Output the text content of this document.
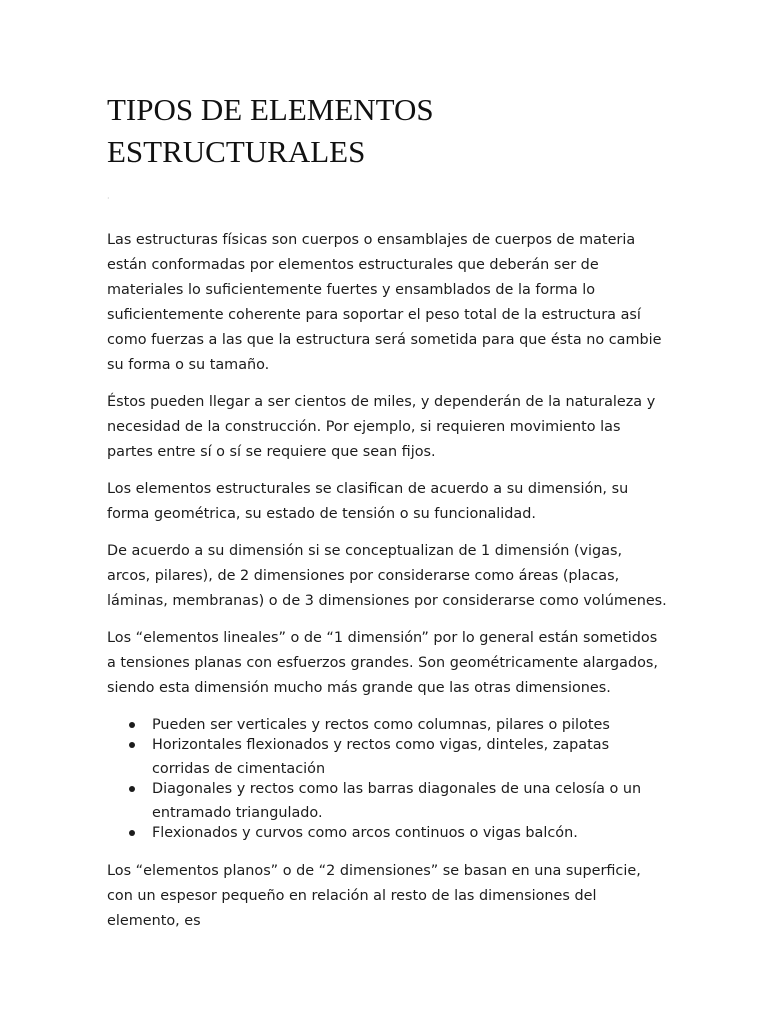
TIPOS DE ELEMENTOS
ESTRUCTURALES
·

Las estructuras físicas son cuerpos o ensamblajes de cuerpos de materia están conformadas por elementos estructurales que deberán ser de materiales lo suficientemente fuertes y ensamblados de la forma lo suficientemente coherente para soportar el peso total de la estructura así como fuerzas a las que la estructura será sometida para que ésta no cambie su forma o su tamaño.

Éstos pueden llegar a ser cientos de miles, y dependerán de la naturaleza y necesidad de la construcción. Por ejemplo, si requieren movimiento las partes entre sí o sí se requiere que sean fijos.

Los elementos estructurales se clasifican de acuerdo a su dimensión, su forma geométrica, su estado de tensión o su funcionalidad.

De acuerdo a su dimensión si se conceptualizan de 1 dimensión (vigas, arcos, pilares), de 2 dimensiones por considerarse como áreas (placas, láminas, membranas) o de 3 dimensiones por considerarse como volúmenes.

Los “elementos lineales” o de “1 dimensión” por lo general están sometidos a tensiones planas con esfuerzos grandes. Son geométricamente alargados, siendo esta dimensión mucho más grande que las otras dimensiones.

Pueden ser verticales y rectos como columnas, pilares o pilotes
Horizontales flexionados y rectos como vigas, dinteles, zapatas corridas de cimentación
Diagonales y rectos como las barras diagonales de una celosía o un entramado triangulado.
Flexionados y curvos como arcos continuos o vigas balcón.

Los “elementos planos” o de “2 dimensiones” se basan en una superficie, con un espesor pequeño en relación al resto de las dimensiones del elemento, es
